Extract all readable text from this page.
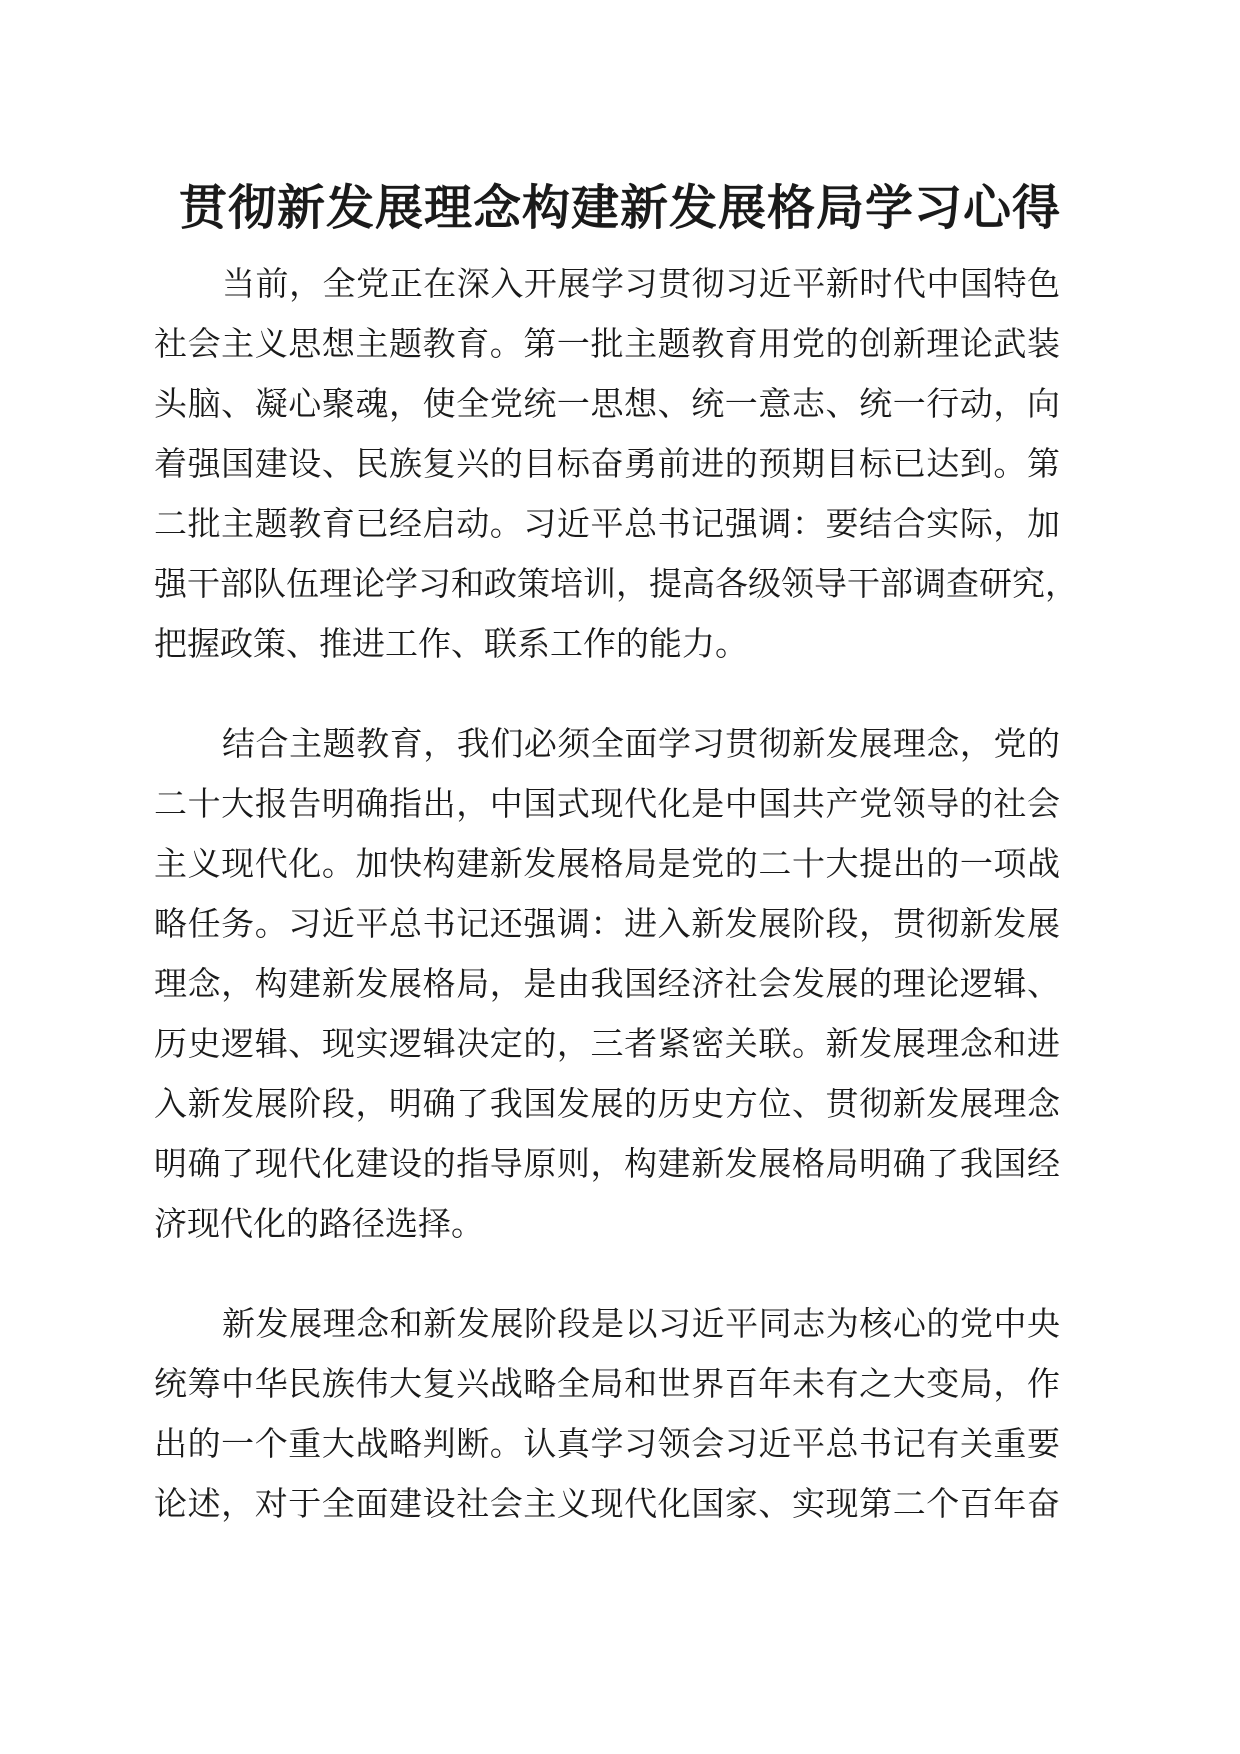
贯彻新发展理念构建新发展格局学习心得
当前，全党正在深入开展学习贯彻习近平新时代中国特色
社会主义思想主题教育。第一批主题教育用党的创新理论武装
头脑、凝心聚魂，使全党统一思想、统一意志、统一行动，向
着强国建设、民族复兴的目标奋勇前进的预期目标已达到。第
二批主题教育已经启动。习近平总书记强调：要结合实际，加
强干部队伍理论学习和政策培训，提高各级领导干部调查研究，
把握政策、推进工作、联系工作的能力。
结合主题教育，我们必须全面学习贯彻新发展理念，党的
二十大报告明确指出，中国式现代化是中国共产党领导的社会
主义现代化。加快构建新发展格局是党的二十大提出的一项战
略任务。习近平总书记还强调：进入新发展阶段，贯彻新发展
理念，构建新发展格局，是由我国经济社会发展的理论逻辑、
历史逻辑、现实逻辑决定的，三者紧密关联。新发展理念和进
入新发展阶段，明确了我国发展的历史方位、贯彻新发展理念
明确了现代化建设的指导原则，构建新发展格局明确了我国经
济现代化的路径选择。
新发展理念和新发展阶段是以习近平同志为核心的党中央
统筹中华民族伟大复兴战略全局和世界百年未有之大变局，作
出的一个重大战略判断。认真学习领会习近平总书记有关重要
论述，对于全面建设社会主义现代化国家、实现第二个百年奋
